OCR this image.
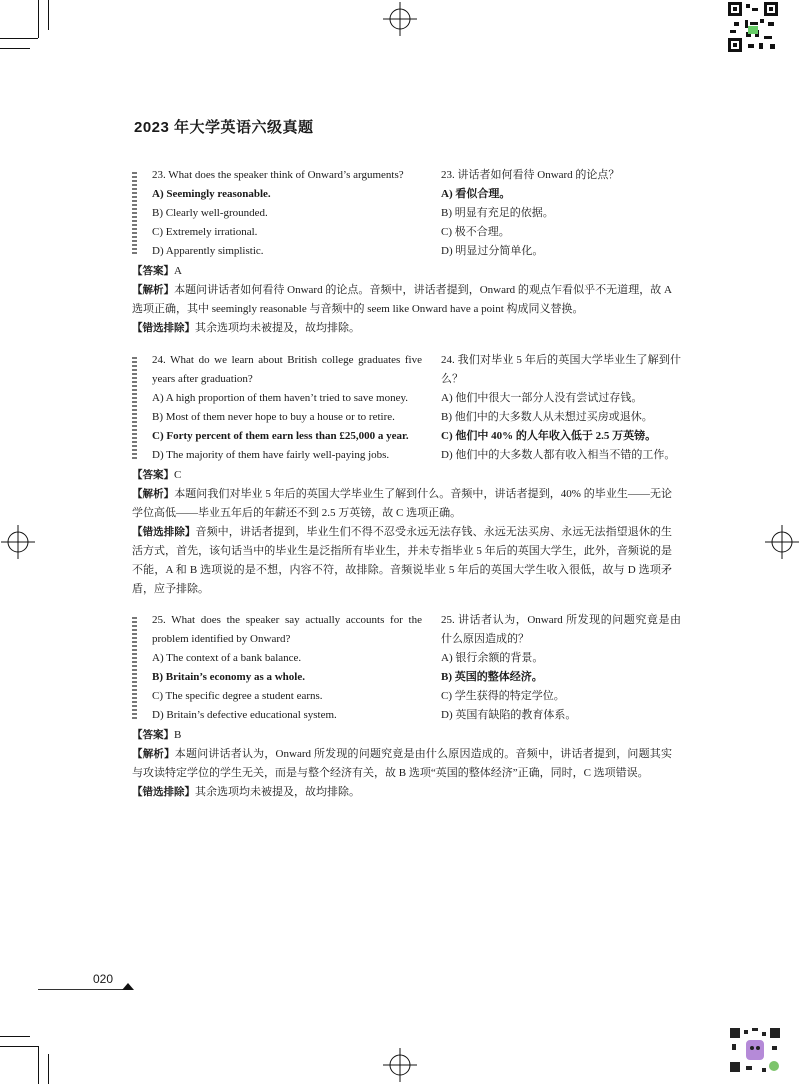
2023 年大学英语六级真题
23. What does the speaker think of Onward’s arguments?
A) Seemingly reasonable.
B) Clearly well-grounded.
C) Extremely irrational.
D) Apparently simplistic.
23. 讲话者如何看待 Onward 的论点？
A) 看似合理。
B) 明显有充足的依据。
C) 极不合理。
D) 明显过分简单化。
【答案】A
【解析】本题问讲话者如何看待 Onward 的论点。音频中，讲话者提到，Onward 的观点乍看似乎不无道理，故 A 选项正确，其中 seemingly reasonable 与音频中的 seem like Onward have a point 构成同义替换。
【错选排除】其余选项均未被提及，故均排除。
24. What do we learn about British college graduates five years after graduation?
A) A high proportion of them haven’t tried to save money.
B) Most of them never hope to buy a house or to retire.
C) Forty percent of them earn less than £25,000 a year.
D) The majority of them have fairly well-paying jobs.
24. 我们对毕业 5 年后的英国大学毕业生了解到什么？
A) 他们中很大一部分人没有尝试过存钱。
B) 他们中的大多数人从未想过买房或退休。
C) 他们中 40% 的人年收入低于 2.5 万英镑。
D) 他们中的大多数人都有收入相当不错的工作。
【答案】C
【解析】本题问我们对毕业 5 年后的英国大学毕业生了解到什么。音频中，讲话者提到，40% 的毕业生——无论学位高低——毕业五年后的年薪还不到 2.5 万英镑，故 C 选项正确。
【错选排除】音频中，讲话者提到，毕业生们不得不忍受永远无法存钱、永远无法买房、永远无法指望退休的生活方式，首先，该句话当中的毕业生是泛指所有毕业生，并未专指毕业 5 年后的英国大学生，此外，音频说的是不能，A 和 B 选项说的是不想，内容不符，故排除。音频说毕业 5 年后的英国大学生收入很低，故与 D 选项矛盾，应予排除。
25. What does the speaker say actually accounts for the problem identified by Onward?
A) The context of a bank balance.
B) Britain’s economy as a whole.
C) The specific degree a student earns.
D) Britain’s defective educational system.
25. 讲话者认为，Onward 所发现的问题究竟是由什么原因造成的？
A) 银行余额的背景。
B) 英国的整体经济。
C) 学生获得的特定学位。
D) 英国有缺陷的教育体系。
【答案】B
【解析】本题问讲话者认为，Onward 所发现的问题究竟是由什么原因造成的。音频中，讲话者提到，问题其实与攻读特定学位的学生无关，而是与整个经济有关，故 B 选项“英国的整体经济”正确，同时，C 选项错误。
【错选排除】其余选项均未被提及，故均排除。
020
